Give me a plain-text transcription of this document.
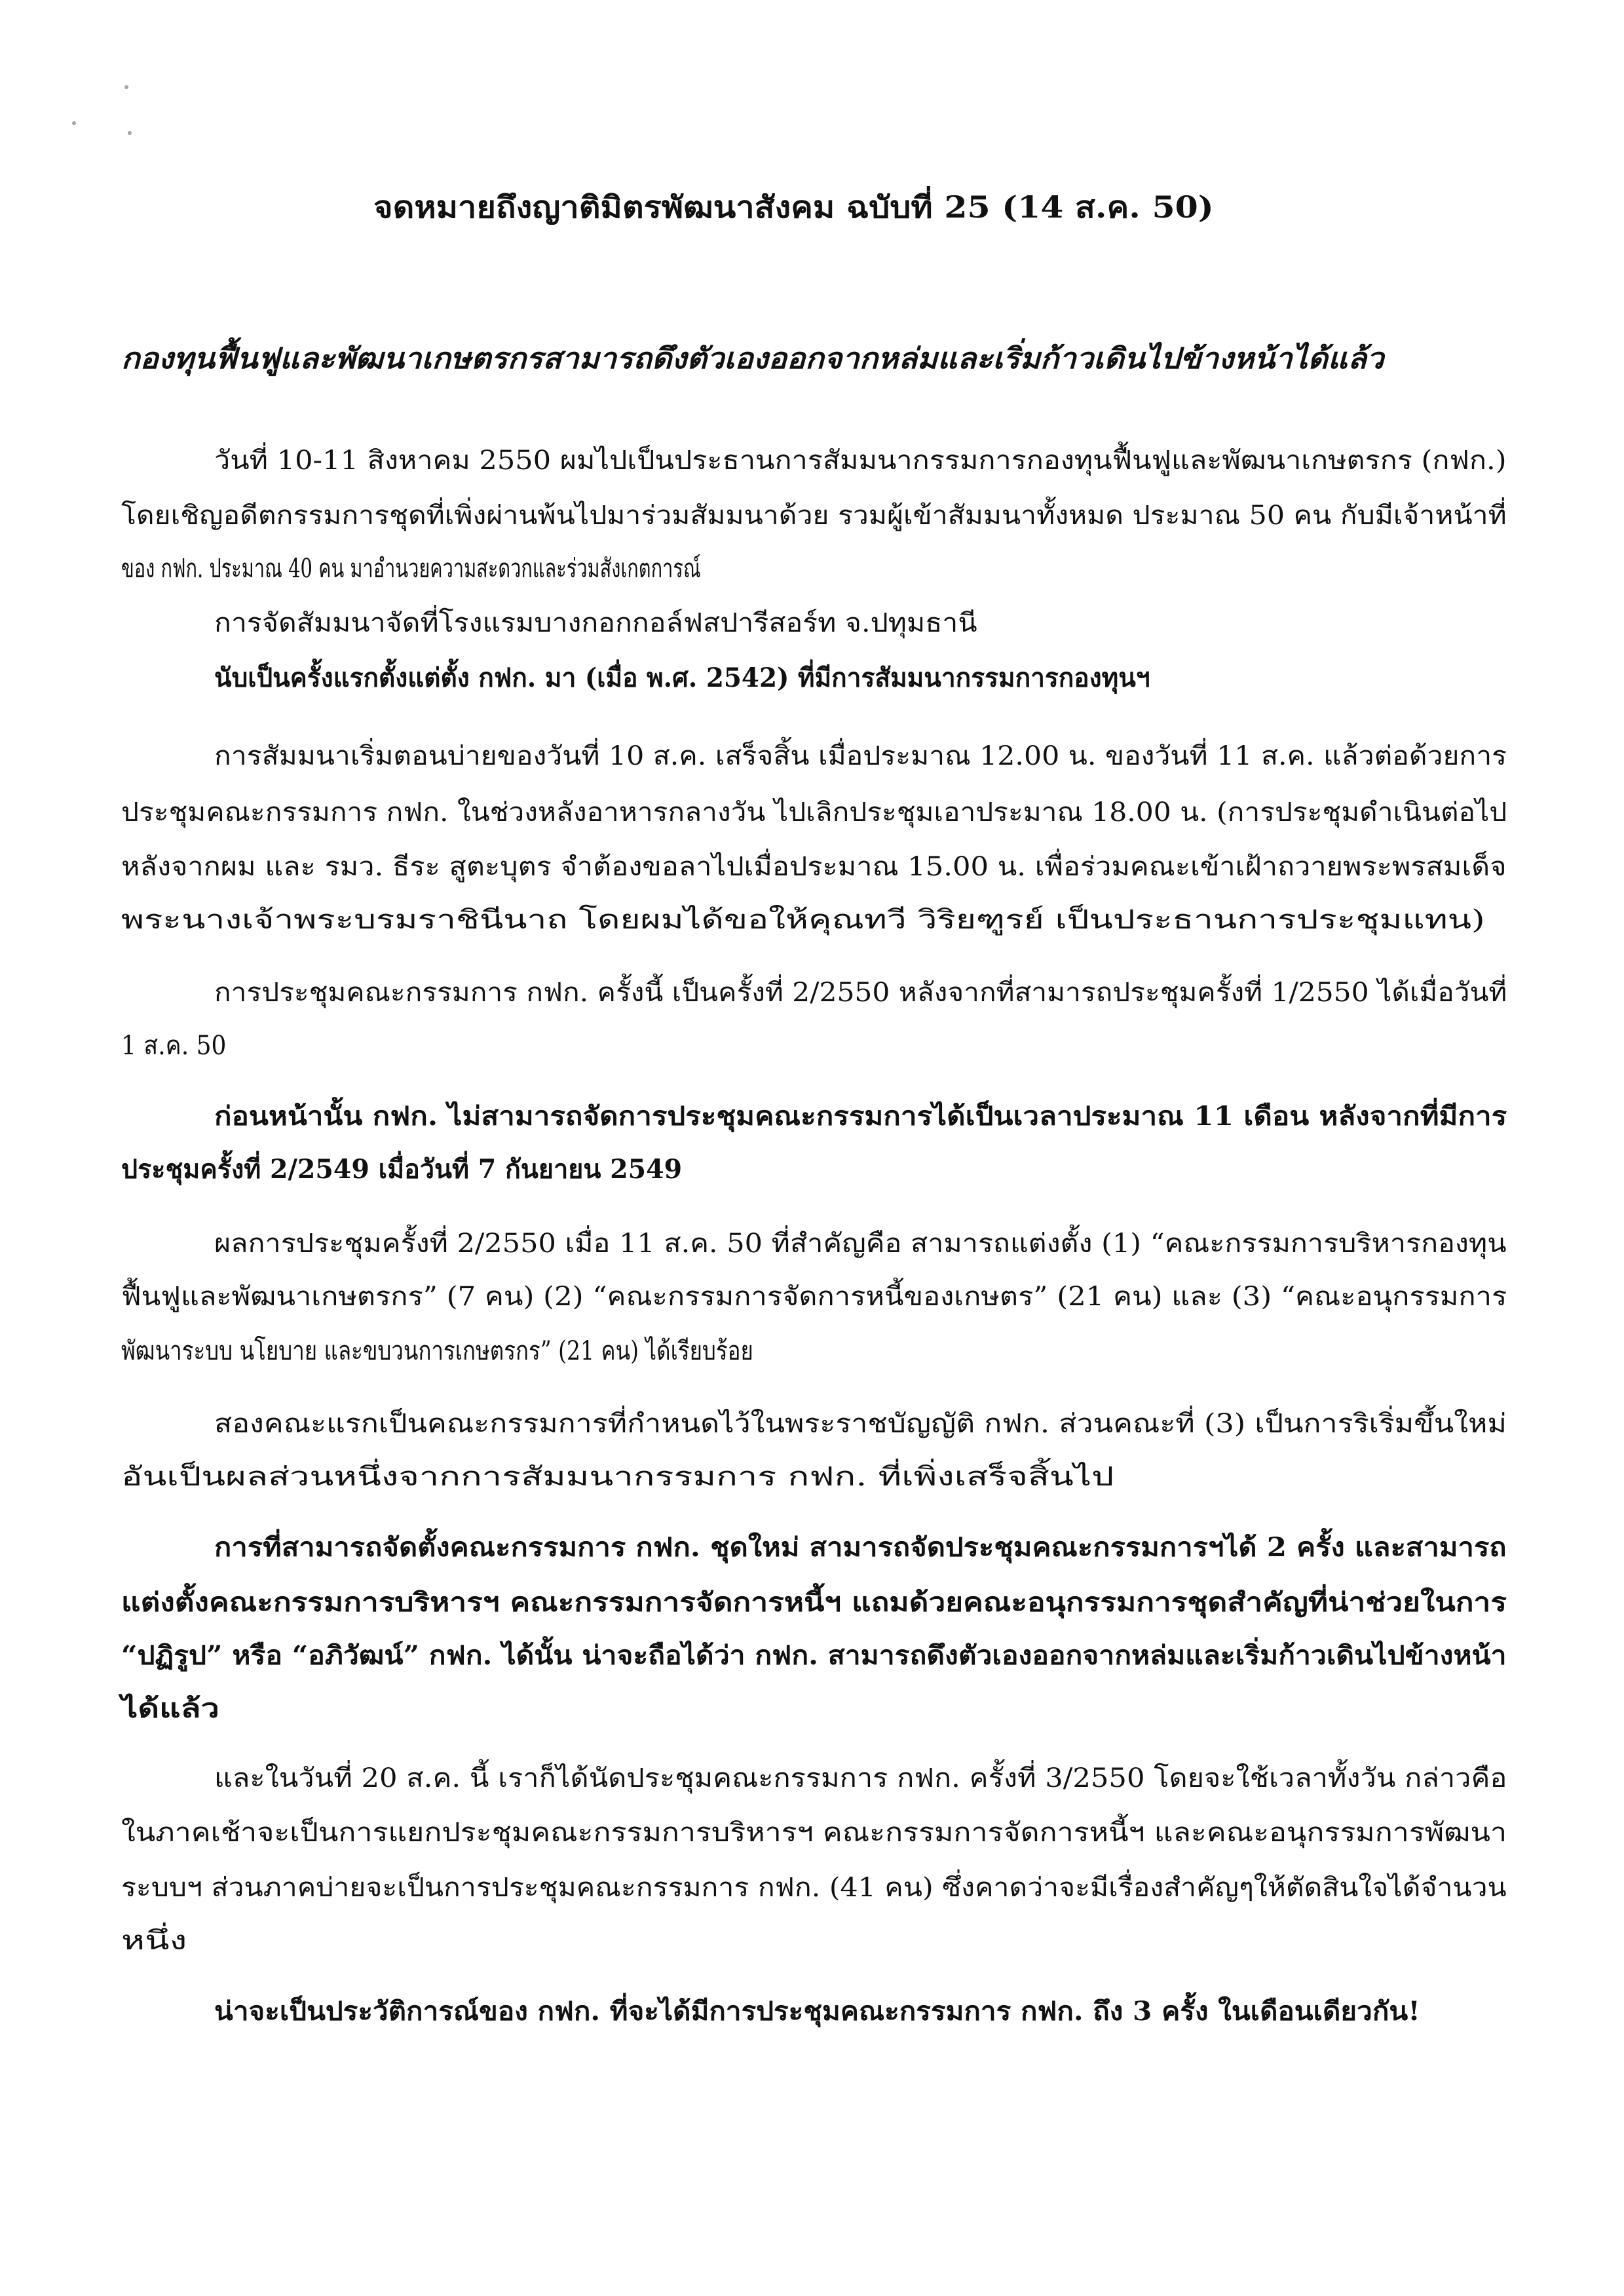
จดหมายถึงญาติมิตรพัฒนาสังคม ฉบับที่ 25 (14 ส.ค. 50)
กองทุนฟื้นฟูและพัฒนาเกษตรกรสามารถดึงตัวเองออกจากหล่มและเริ่มก้าวเดินไปข้างหน้าได้แล้ว
วันที่ 10-11 สิงหาคม 2550 ผมไปเป็นประธานการสัมมนากรรมการกองทุนฟื้นฟูและพัฒนาเกษตรกร (กฟก.)
โดยเชิญอดีตกรรมการชุดที่เพิ่งผ่านพ้นไปมาร่วมสัมมนาด้วย รวมผู้เข้าสัมมนาทั้งหมด ประมาณ 50 คน กับมีเจ้าหน้าที่
ของ กฟก. ประมาณ 40 คน มาอำนวยความสะดวกและร่วมสังเกตการณ์
การจัดสัมมนาจัดที่โรงแรมบางกอกกอล์ฟสปารีสอร์ท จ.ปทุมธานี
นับเป็นครั้งแรกตั้งแต่ตั้ง กฟก. มา (เมื่อ พ.ศ. 2542) ที่มีการสัมมนากรรมการกองทุนฯ
การสัมมนาเริ่มตอนบ่ายของวันที่ 10 ส.ค. เสร็จสิ้น เมื่อประมาณ 12.00 น. ของวันที่ 11 ส.ค. แล้วต่อด้วยการ
ประชุมคณะกรรมการ กฟก. ในช่วงหลังอาหารกลางวัน ไปเลิกประชุมเอาประมาณ 18.00 น. (การประชุมดำเนินต่อไป
หลังจากผม และ รมว. ธีระ สูตะบุตร จำต้องขอลาไปเมื่อประมาณ 15.00 น. เพื่อร่วมคณะเข้าเฝ้าถวายพระพรสมเด็จ
พระนางเจ้าพระบรมราชินีนาถ โดยผมได้ขอให้คุณทวี วิริยฑูรย์ เป็นประธานการประชุมแทน)
การประชุมคณะกรรมการ กฟก. ครั้งนี้ เป็นครั้งที่ 2/2550 หลังจากที่สามารถประชุมครั้งที่ 1/2550 ได้เมื่อวันที่
1 ส.ค. 50
ก่อนหน้านั้น กฟก. ไม่สามารถจัดการประชุมคณะกรรมการได้เป็นเวลาประมาณ 11 เดือน หลังจากที่มีการ
ประชุมครั้งที่ 2/2549 เมื่อวันที่ 7 กันยายน 2549
ผลการประชุมครั้งที่ 2/2550 เมื่อ 11 ส.ค. 50 ที่สำคัญคือ สามารถแต่งตั้ง (1) “คณะกรรมการบริหารกองทุน
ฟื้นฟูและพัฒนาเกษตรกร” (7 คน) (2) “คณะกรรมการจัดการหนี้ของเกษตร” (21 คน) และ (3) “คณะอนุกรรมการ
พัฒนาระบบ นโยบาย และขบวนการเกษตรกร” (21 คน) ได้เรียบร้อย
สองคณะแรกเป็นคณะกรรมการที่กำหนดไว้ในพระราชบัญญัติ กฟก. ส่วนคณะที่ (3) เป็นการริเริ่มขึ้นใหม่
อันเป็นผลส่วนหนึ่งจากการสัมมนากรรมการ กฟก. ที่เพิ่งเสร็จสิ้นไป
การที่สามารถจัดตั้งคณะกรรมการ กฟก. ชุดใหม่ สามารถจัดประชุมคณะกรรมการฯได้ 2 ครั้ง และสามารถ
แต่งตั้งคณะกรรมการบริหารฯ คณะกรรมการจัดการหนี้ฯ แถมด้วยคณะอนุกรรมการชุดสำคัญที่น่าช่วยในการ
“ปฏิรูป” หรือ “อภิวัฒน์” กฟก. ได้นั้น น่าจะถือได้ว่า กฟก. สามารถดึงตัวเองออกจากหล่มและเริ่มก้าวเดินไปข้างหน้า
ได้แล้ว
และในวันที่ 20 ส.ค. นี้ เราก็ได้นัดประชุมคณะกรรมการ กฟก. ครั้งที่ 3/2550 โดยจะใช้เวลาทั้งวัน กล่าวคือ
ในภาคเช้าจะเป็นการแยกประชุมคณะกรรมการบริหารฯ คณะกรรมการจัดการหนี้ฯ และคณะอนุกรรมการพัฒนา
ระบบฯ ส่วนภาคบ่ายจะเป็นการประชุมคณะกรรมการ กฟก. (41 คน) ซึ่งคาดว่าจะมีเรื่องสำคัญๆให้ตัดสินใจได้จำนวน
หนึ่ง
น่าจะเป็นประวัติการณ์ของ กฟก. ที่จะได้มีการประชุมคณะกรรมการ กฟก. ถึง 3 ครั้ง ในเดือนเดียวกัน!
